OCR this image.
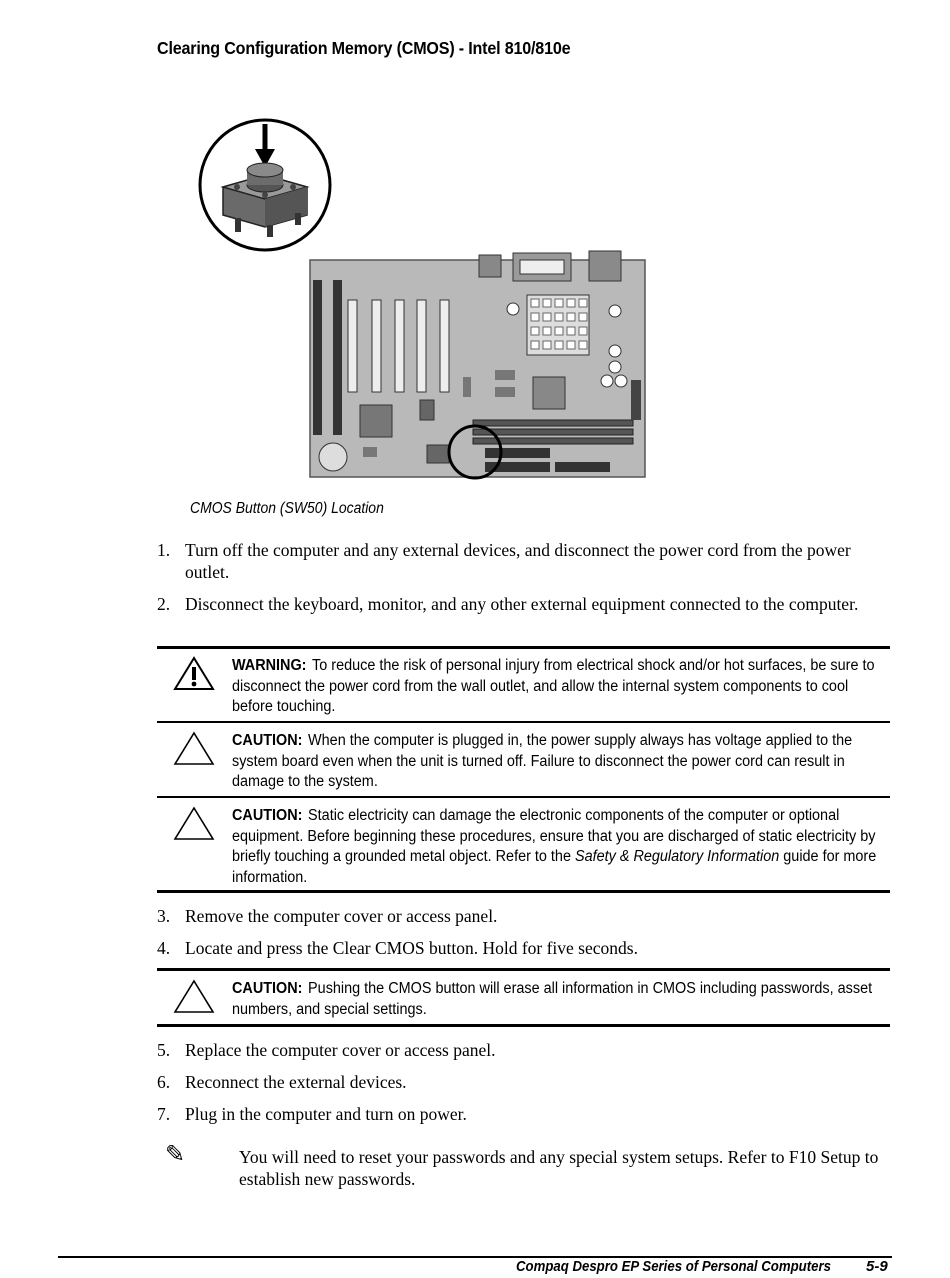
Clearing Configuration Memory (CMOS) - Intel 810/810e
CMOS Button (SW50) Location
1. Turn off the computer and any external devices, and disconnect the power cord from the power outlet.
2. Disconnect the keyboard, monitor, and any other external equipment connected to the computer.
WARNING: To reduce the risk of personal injury from electrical shock and/or hot surfaces, be sure to disconnect the power cord from the wall outlet, and allow the internal system components to cool before touching.
CAUTION: When the computer is plugged in, the power supply always has voltage applied to the system board even when the unit is turned off. Failure to disconnect the power cord can result in damage to the system.
CAUTION: Static electricity can damage the electronic components of the computer or optional equipment. Before beginning these procedures, ensure that you are discharged of static electricity by briefly touching a grounded metal object. Refer to the Safety & Regulatory Information guide for more information.
3. Remove the computer cover or access panel.
4. Locate and press the Clear CMOS button. Hold for five seconds.
CAUTION: Pushing the CMOS button will erase all information in CMOS including passwords, asset numbers, and special settings.
5. Replace the computer cover or access panel.
6. Reconnect the external devices.
7. Plug in the computer and turn on power.
✎	You will need to reset your passwords and any special system setups. Refer to F10 Setup to establish new passwords.
Compaq Despro EP Series of Personal Computers 5-9
